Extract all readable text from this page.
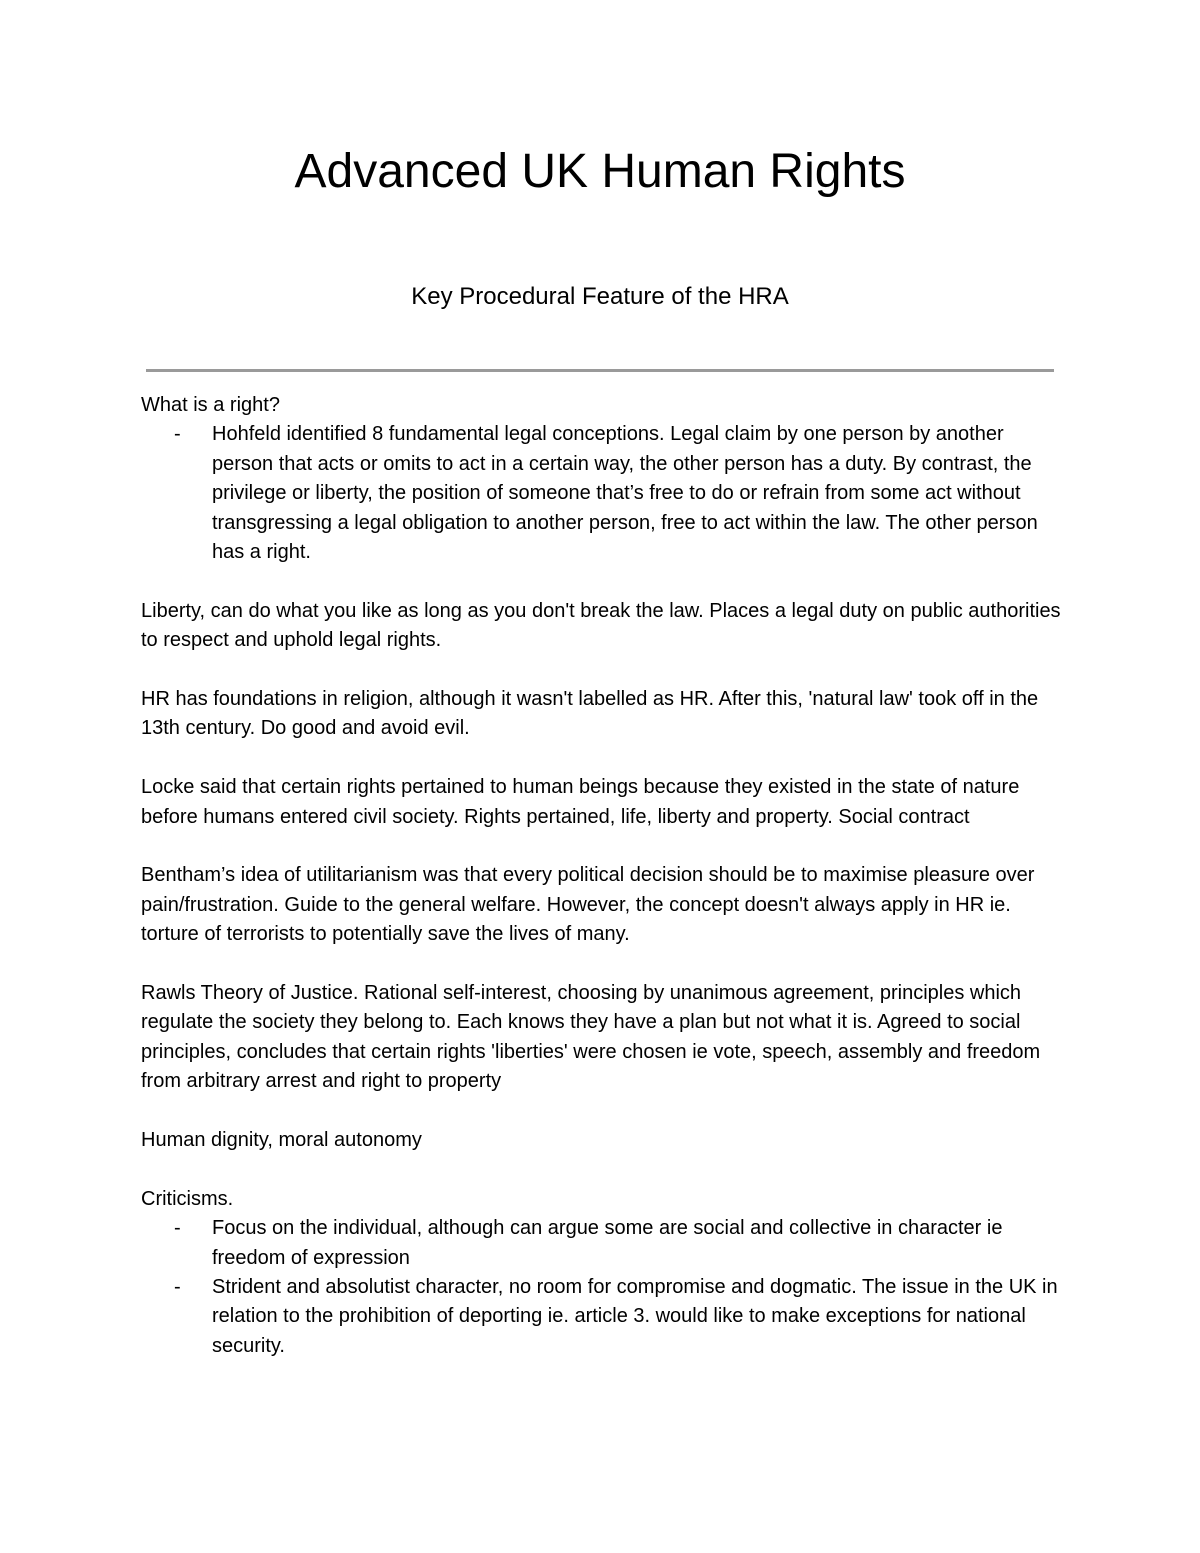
Advanced UK Human Rights
Key Procedural Feature of the HRA

What is a right?

- Hohfeld identified 8 fundamental legal conceptions. Legal claim by one person by another person that acts or omits to act in a certain way, the other person has a duty. By contrast, the privilege or liberty, the position of someone that’s free to do or refrain from some act without transgressing a legal obligation to another person, free to act within the law. The other person has a right.

Liberty, can do what you like as long as you don't break the law. Places a legal duty on public authorities to respect and uphold legal rights.

HR has foundations in religion, although it wasn't labelled as HR. After this, 'natural law' took off in the 13th century. Do good and avoid evil.

Locke said that certain rights pertained to human beings because they existed in the state of nature before humans entered civil society. Rights pertained, life, liberty and property. Social contract

Bentham’s idea of utilitarianism was that every political decision should be to maximise pleasure over pain/frustration. Guide to the general welfare. However, the concept doesn't always apply in HR ie. torture of terrorists to potentially save the lives of many.

Rawls Theory of Justice. Rational self-interest, choosing by unanimous agreement, principles which regulate the society they belong to. Each knows they have a plan but not what it is. Agreed to social principles, concludes that certain rights 'liberties' were chosen ie vote, speech, assembly and freedom from arbitrary arrest and right to property

Human dignity, moral autonomy

Criticisms.

- Focus on the individual, although can argue some are social and collective in character ie freedom of expression
- Strident and absolutist character, no room for compromise and dogmatic. The issue in the UK in relation to the prohibition of deporting ie. article 3. would like to make exceptions for national security.
